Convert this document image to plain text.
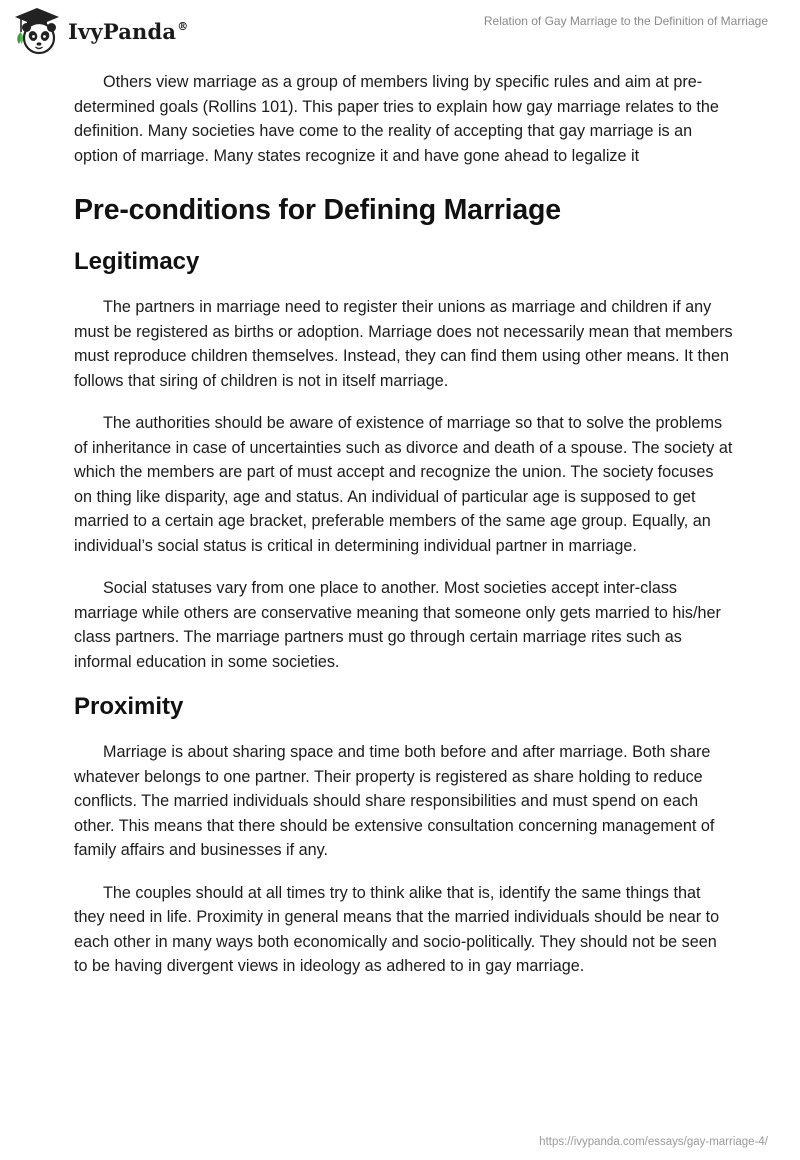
IvyPanda®	Relation of Gay Marriage to the Definition of Marriage

Others view marriage as a group of members living by specific rules and aim at pre-determined goals (Rollins 101). This paper tries to explain how gay marriage relates to the definition. Many societies have come to the reality of accepting that gay marriage is an option of marriage. Many states recognize it and have gone ahead to legalize it

Pre-conditions for Defining Marriage
Legitimacy

The partners in marriage need to register their unions as marriage and children if any must be registered as births or adoption. Marriage does not necessarily mean that members must reproduce children themselves. Instead, they can find them using other means. It then follows that siring of children is not in itself marriage.

The authorities should be aware of existence of marriage so that to solve the problems of inheritance in case of uncertainties such as divorce and death of a spouse. The society at which the members are part of must accept and recognize the union. The society focuses on thing like disparity, age and status. An individual of particular age is supposed to get married to a certain age bracket, preferable members of the same age group. Equally, an individual’s social status is critical in determining individual partner in marriage.

Social statuses vary from one place to another. Most societies accept inter-class marriage while others are conservative meaning that someone only gets married to his/her class partners. The marriage partners must go through certain marriage rites such as informal education in some societies.

Proximity

Marriage is about sharing space and time both before and after marriage. Both share whatever belongs to one partner. Their property is registered as share holding to reduce conflicts. The married individuals should share responsibilities and must spend on each other. This means that there should be extensive consultation concerning management of family affairs and businesses if any.

The couples should at all times try to think alike that is, identify the same things that they need in life. Proximity in general means that the married individuals should be near to each other in many ways both economically and socio-politically. They should not be seen to be having divergent views in ideology as adhered to in gay marriage.

https://ivypanda.com/essays/gay-marriage-4/
